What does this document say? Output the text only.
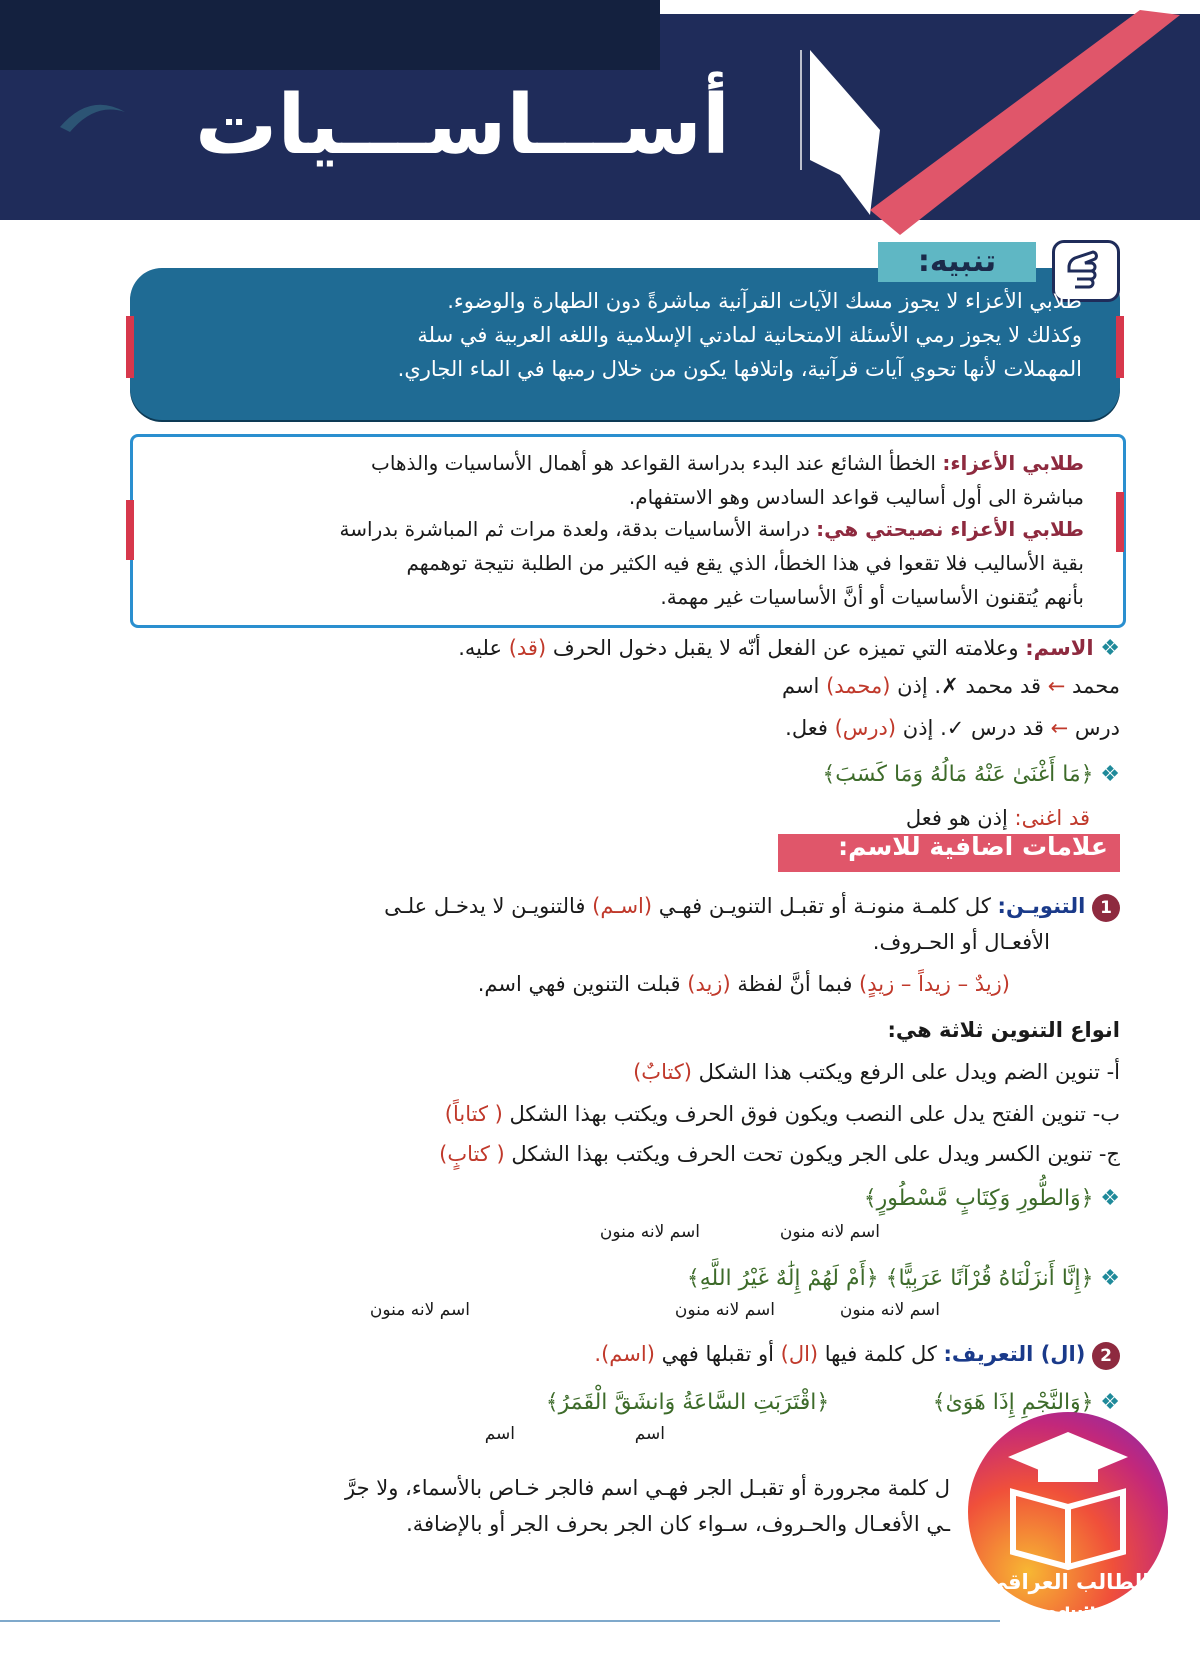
أســـاســـيات
تنبيه:
طلابي الأعزاء لا يجوز مسك الآيات القرآنية مباشرةً دون الطهارة والوضوء.
وكذلك لا يجوز رمي الأسئلة الامتحانية لمادتي الإسلامية واللغه العربية في سلة
المهملات لأنها تحوي آيات قرآنية، واتلافها يكون من خلال رميها في الماء الجاري.
طلابي الأعزاء: الخطأ الشائع عند البدء بدراسة القواعد هو أهمال الأساسيات والذهاب
مباشرة الى أول أساليب قواعد السادس وهو الاستفهام.
طلابي الأعزاء نصيحتي هي: دراسة الأساسيات بدقة، ولعدة مرات ثم المباشرة بدراسة
بقية الأساليب فلا تقعوا في هذا الخطأ، الذي يقع فيه الكثير من الطلبة نتيجة توهمهم
بأنهم يُتقنون الأساسيات أو أنَّ الأساسيات غير مهمة.
❖ الاسم: وعلامته التي تميزه عن الفعل أنّه لا يقبل دخول الحرف (قد) عليه.
محمد ← قد محمد ✗. إذن (محمد) اسم
درس ← قد درس ✓. إذن (درس) فعل.
❖ ﴿مَا أَغْنَىٰ عَنْهُ مَالُهُ وَمَا كَسَبَ﴾
قد اغنى: إذن هو فعل
علامات اضافية للاسم:
1 التنويـن: كل كلمـة منونـة أو تقبـل التنويـن فهـي (اسـم) فالتنويـن لا يدخـل علـى
الأفعـال أو الحـروف.
(زيدٌ – زيداً – زيدٍ) فبما أنَّ لفظة (زيد) قبلت التنوين فهي اسم.
انواع التنوين ثلاثة هي:
أ- تنوين الضم ويدل على الرفع ويكتب هذا الشكل (كتابٌ)
ب- تنوين الفتح يدل على النصب ويكون فوق الحرف ويكتب بهذا الشكل ( كتاباً)
ج- تنوين الكسر ويدل على الجر ويكون تحت الحرف ويكتب بهذا الشكل ( كتابٍ)
❖ ﴿وَالطُّورِ وَكِتَابٍ مَّسْطُورٍ﴾
اسم لانه منون
اسم لانه منون
❖ ﴿إِنَّا أَنزَلْنَاهُ قُرْآنًا عَرَبِيًّا﴾ ﴿أَمْ لَهُمْ إِلَٰهٌ غَيْرُ اللَّهِ﴾
اسم لانه منون
اسم لانه منون
اسم لانه منون
2 (ال) التعريف: كل كلمة فيها (ال) أو تقبلها فهي (اسم).
❖ ﴿وَالنَّجْمِ إِذَا هَوَىٰ﴾  ﴿اقْتَرَبَتِ السَّاعَةُ وَانشَقَّ الْقَمَرُ﴾
اسم
اسم
ل كلمة مجرورة أو تقبـل الجر فهـي اسم فالجر خـاص بالأسماء، ولا جرَّ
ـي الأفعـال والحـروف، سـواء كان الجر بحرف الجر أو بالإضافة.
الطالب العراقي
@eduiiq
